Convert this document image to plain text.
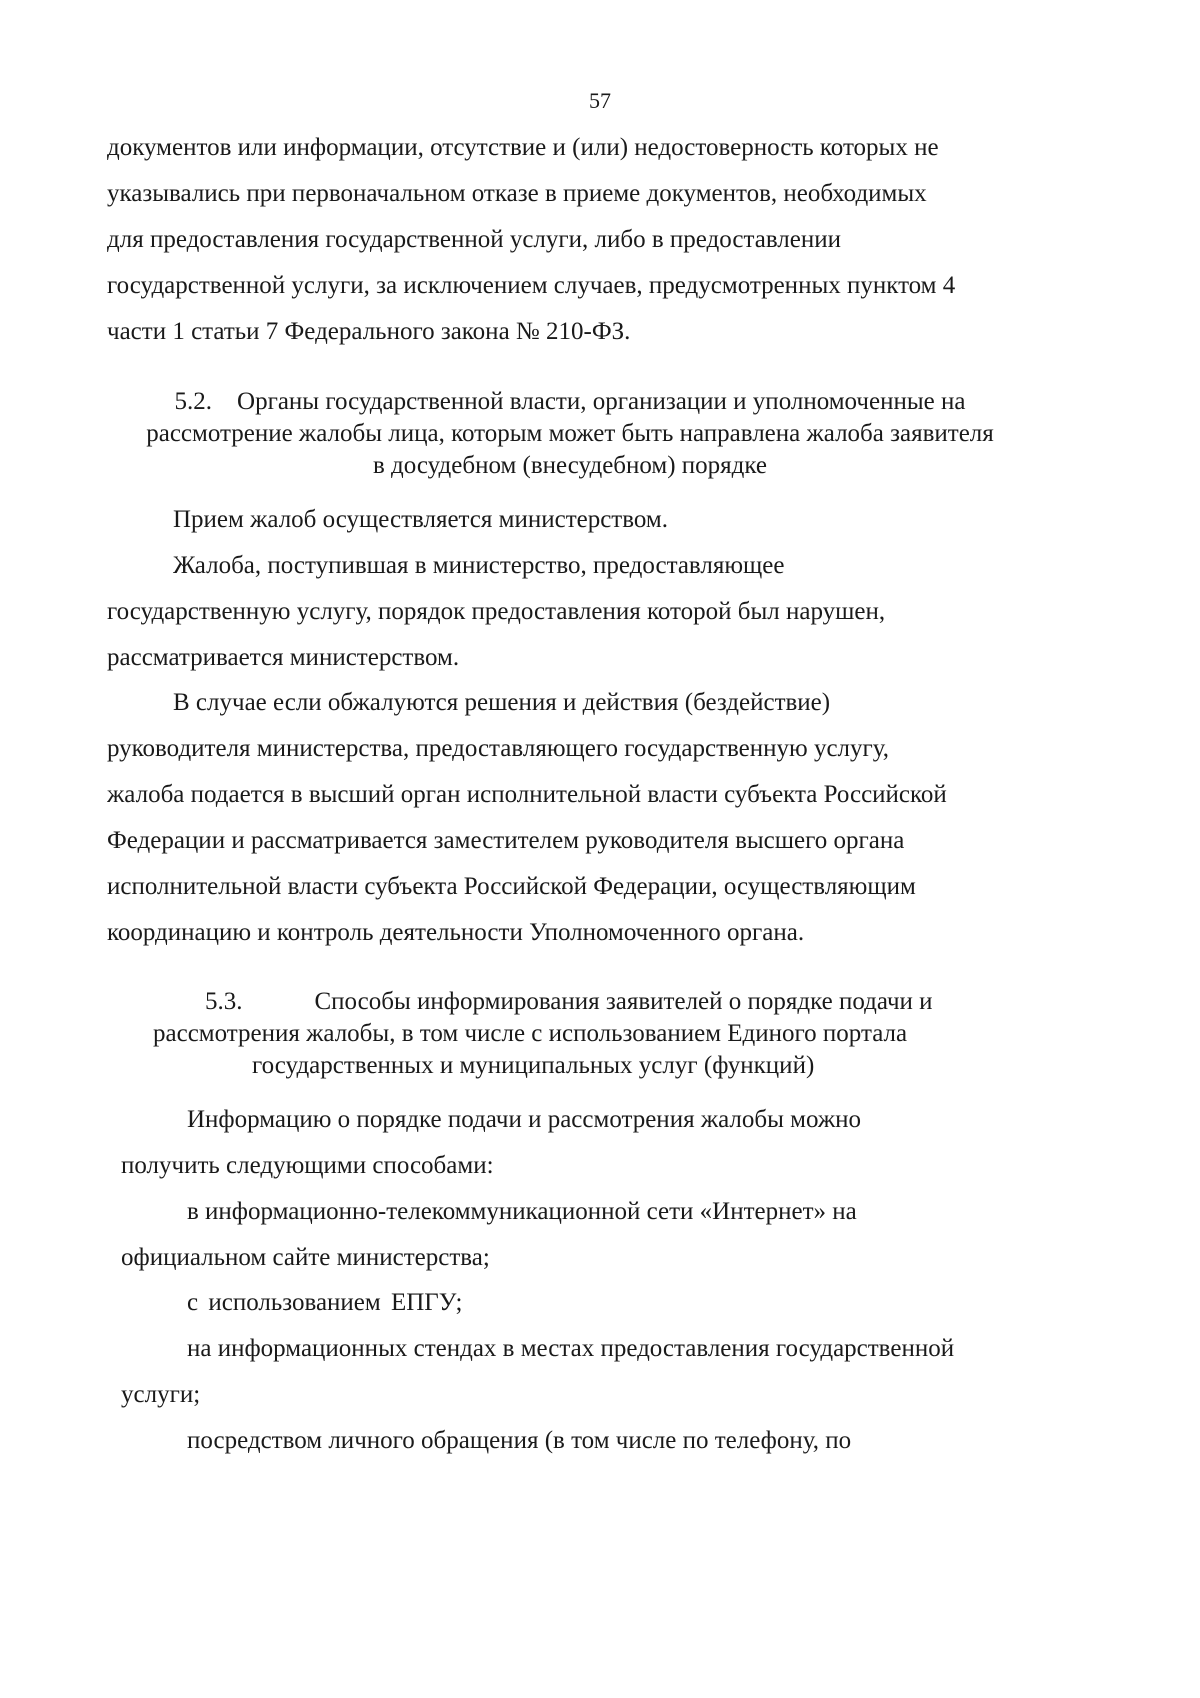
57
документов или информации, отсутствие и (или) недостоверность которых не
указывались при первоначальном отказе в приеме документов, необходимых
для предоставления государственной услуги, либо в предоставлении
государственной услуги, за исключением случаев, предусмотренных пунктом 4
части 1 статьи 7 Федерального закона № 210-ФЗ.
5.2. Органы государственной власти, организации и уполномоченные на
рассмотрение жалобы лица, которым может быть направлена жалоба заявителя
в досудебном (внесудебном) порядке
Прием жалоб осуществляется министерством.
Жалоба, поступившая в министерство, предоставляющее
государственную услугу, порядок предоставления которой был нарушен,
рассматривается министерством.
В случае если обжалуются решения и действия (бездействие)
руководителя министерства, предоставляющего государственную услугу,
жалоба подается в высший орган исполнительной власти субъекта Российской
Федерации и рассматривается заместителем руководителя высшего органа
исполнительной власти субъекта Российской Федерации, осуществляющим
координацию и контроль деятельности Уполномоченного органа.
5.3.	Способы информирования заявителей о порядке подачи и
рассмотрения жалобы, в том числе с использованием Единого портала
государственных и муниципальных услуг (функций)
Информацию о порядке подачи и рассмотрения жалобы можно
получить следующими способами:
в информационно-телекоммуникационной сети «Интернет» на
официальном сайте министерства;
с использованием ЕПГУ;
на информационных стендах в местах предоставления государственной
услуги;
посредством личного обращения (в том числе по телефону, по
